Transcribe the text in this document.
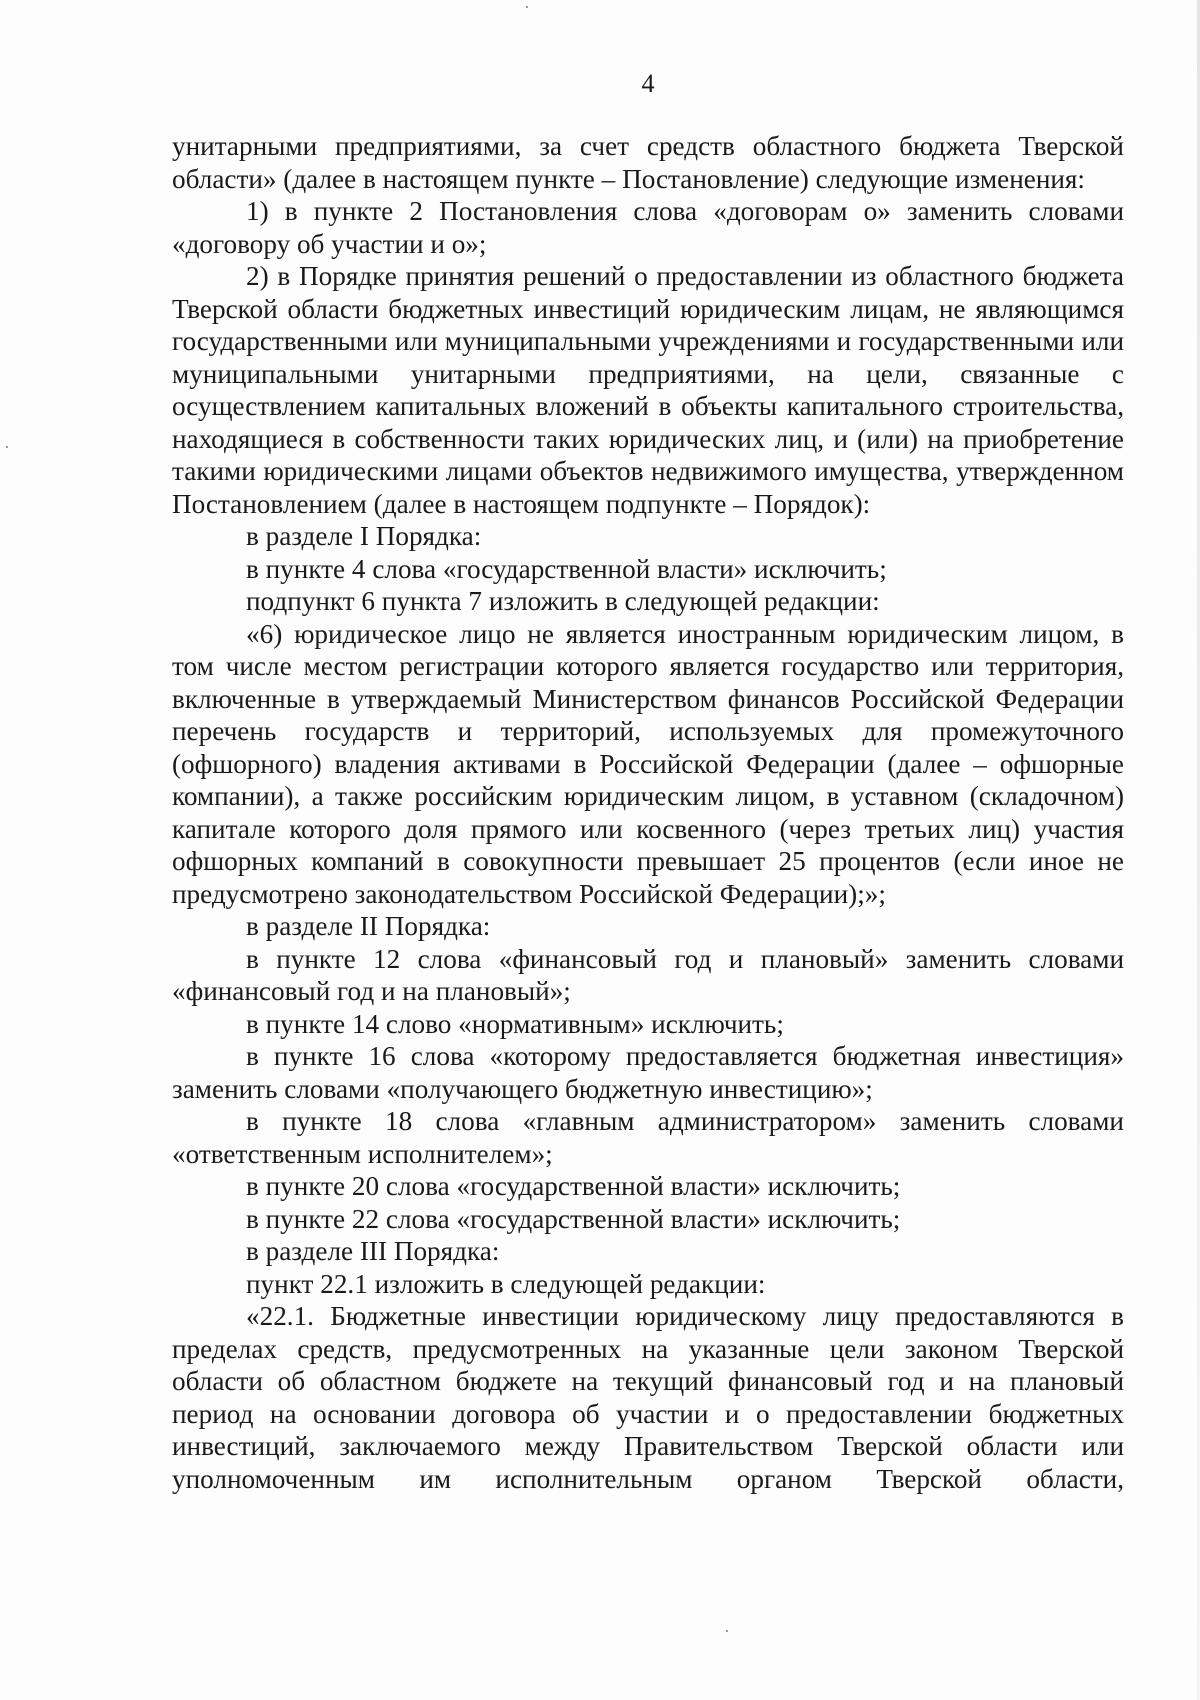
4

унитарными предприятиями, за счет средств областного бюджета Тверской области» (далее в настоящем пункте – Постановление) следующие изменения:

1) в пункте 2 Постановления слова «договорам о» заменить словами «договору об участии и о»;

2) в Порядке принятия решений о предоставлении из областного бюджета Тверской области бюджетных инвестиций юридическим лицам, не являющимся государственными или муниципальными учреждениями и государственными или муниципальными унитарными предприятиями, на цели, связанные с осуществлением капитальных вложений в объекты капитального строительства, находящиеся в собственности таких юридических лиц, и (или) на приобретение такими юридическими лицами объектов недвижимого имущества, утвержденном Постановлением (далее в настоящем подпункте – Порядок):

в разделе I Порядка:

в пункте 4 слова «государственной власти» исключить;

подпункт 6 пункта 7 изложить в следующей редакции:

«6) юридическое лицо не является иностранным юридическим лицом, в том числе местом регистрации которого является государство или территория, включенные в утверждаемый Министерством финансов Российской Федерации перечень государств и территорий, используемых для промежуточного (офшорного) владения активами в Российской Федерации (далее – офшорные компании), а также российским юридическим лицом, в уставном (складочном) капитале которого доля прямого или косвенного (через третьих лиц) участия офшорных компаний в совокупности превышает 25 процентов (если иное не предусмотрено законодательством Российской Федерации);»;

в разделе II Порядка:

в пункте 12 слова «финансовый год и плановый» заменить словами «финансовый год и на плановый»;

в пункте 14 слово «нормативным» исключить;

в пункте 16 слова «которому предоставляется бюджетная инвестиция» заменить словами «получающего бюджетную инвестицию»;

в пункте 18 слова «главным администратором» заменить словами «ответственным исполнителем»;

в пункте 20 слова «государственной власти» исключить;

в пункте 22 слова «государственной власти» исключить;

в разделе III Порядка:

пункт 22.1 изложить в следующей редакции:

«22.1. Бюджетные инвестиции юридическому лицу предоставляются в пределах средств, предусмотренных на указанные цели законом Тверской области об областном бюджете на текущий финансовый год и на плановый период на основании договора об участии и о предоставлении бюджетных инвестиций, заключаемого между Правительством Тверской области или уполномоченным им исполнительным органом Тверской области,
